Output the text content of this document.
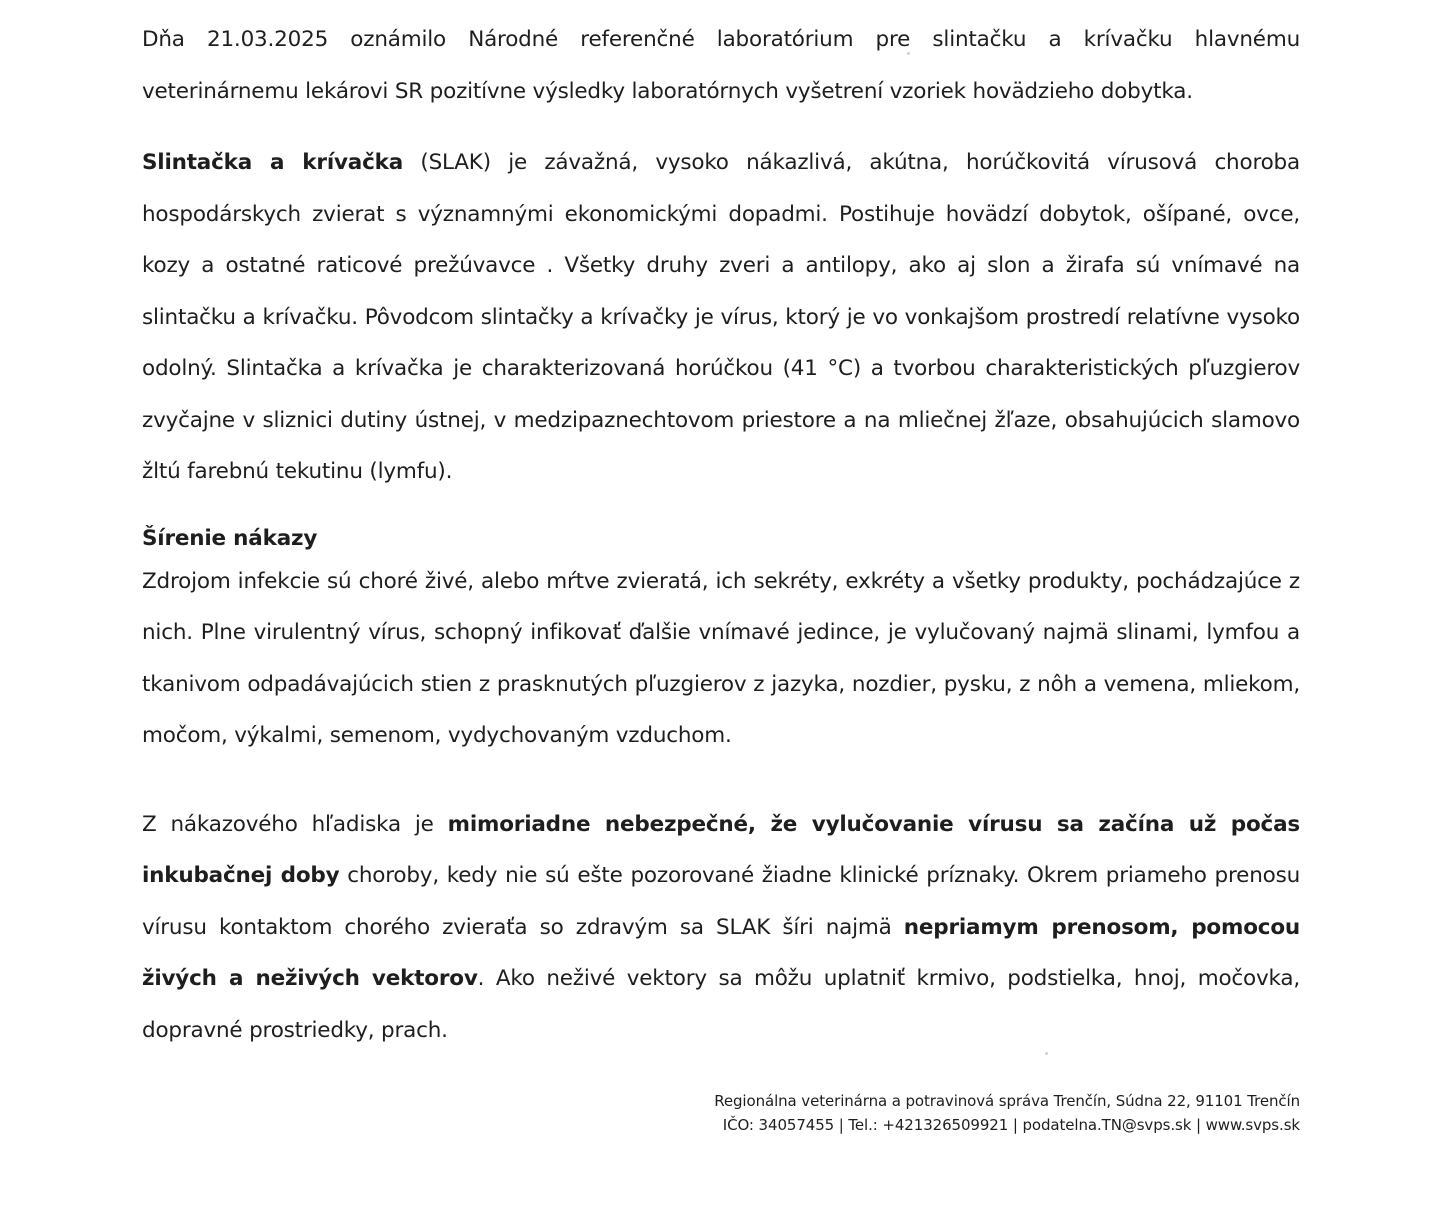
Dňa 21.03.2025 oznámilo Národné referenčné laboratórium pre slintačku a krívačku hlavnému veterinárnemu lekárovi SR pozitívne výsledky laboratórnych vyšetrení vzoriek hovädzieho dobytka.

Slintačka a krívačka (SLAK) je závažná, vysoko nákazlivá, akútna, horúčkovitá vírusová choroba hospodárskych zvierat s významnými ekonomickými dopadmi. Postihuje hovädzí dobytok, ošípané, ovce, kozy a ostatné raticové prežúvavce . Všetky druhy zveri a antilopy, ako aj slon a žirafa sú vnímavé na slintačku a krívačku. Pôvodcom slintačky a krívačky je vírus, ktorý je vo vonkajšom prostredí relatívne vysoko odolný. Slintačka a krívačka je charakterizovaná horúčkou (41 °C) a tvorbou charakteristických pľuzgierov zvyčajne v sliznici dutiny ústnej, v medzipaznechtovom priestore a na mliečnej žľaze, obsahujúcich slamovo žltú farebnú tekutinu (lymfu).

Šírenie nákazy

Zdrojom infekcie sú choré živé, alebo mŕtve zvieratá, ich sekréty, exkréty a všetky produkty, pochádzajúce z nich. Plne virulentný vírus, schopný infikovať ďalšie vnímavé jedince, je vylučovaný najmä slinami, lymfou a tkanivom odpadávajúcich stien z prasknutých pľuzgierov z jazyka, nozdier, pysku, z nôh a vemena, mliekom, močom, výkalmi, semenom, vydychovaným vzduchom.

Z nákazového hľadiska je mimoriadne nebezpečné, že vylučovanie vírusu sa začína už počas inkubačnej doby choroby, kedy nie sú ešte pozorované žiadne klinické príznaky. Okrem priameho prenosu vírusu kontaktom chorého zvieraťa so zdravým sa SLAK šíri najmä nepriamym prenosom, pomocou živých a neživých vektorov. Ako neživé vektory sa môžu uplatniť krmivo, podstielka, hnoj, močovka, dopravné prostriedky, prach.

Regionálna veterinárna a potravinová správa Trenčín, Súdna 22, 91101 Trenčín
IČO: 34057455 | Tel.: +421326509921 | podatelna.TN@svps.sk | www.svps.sk
